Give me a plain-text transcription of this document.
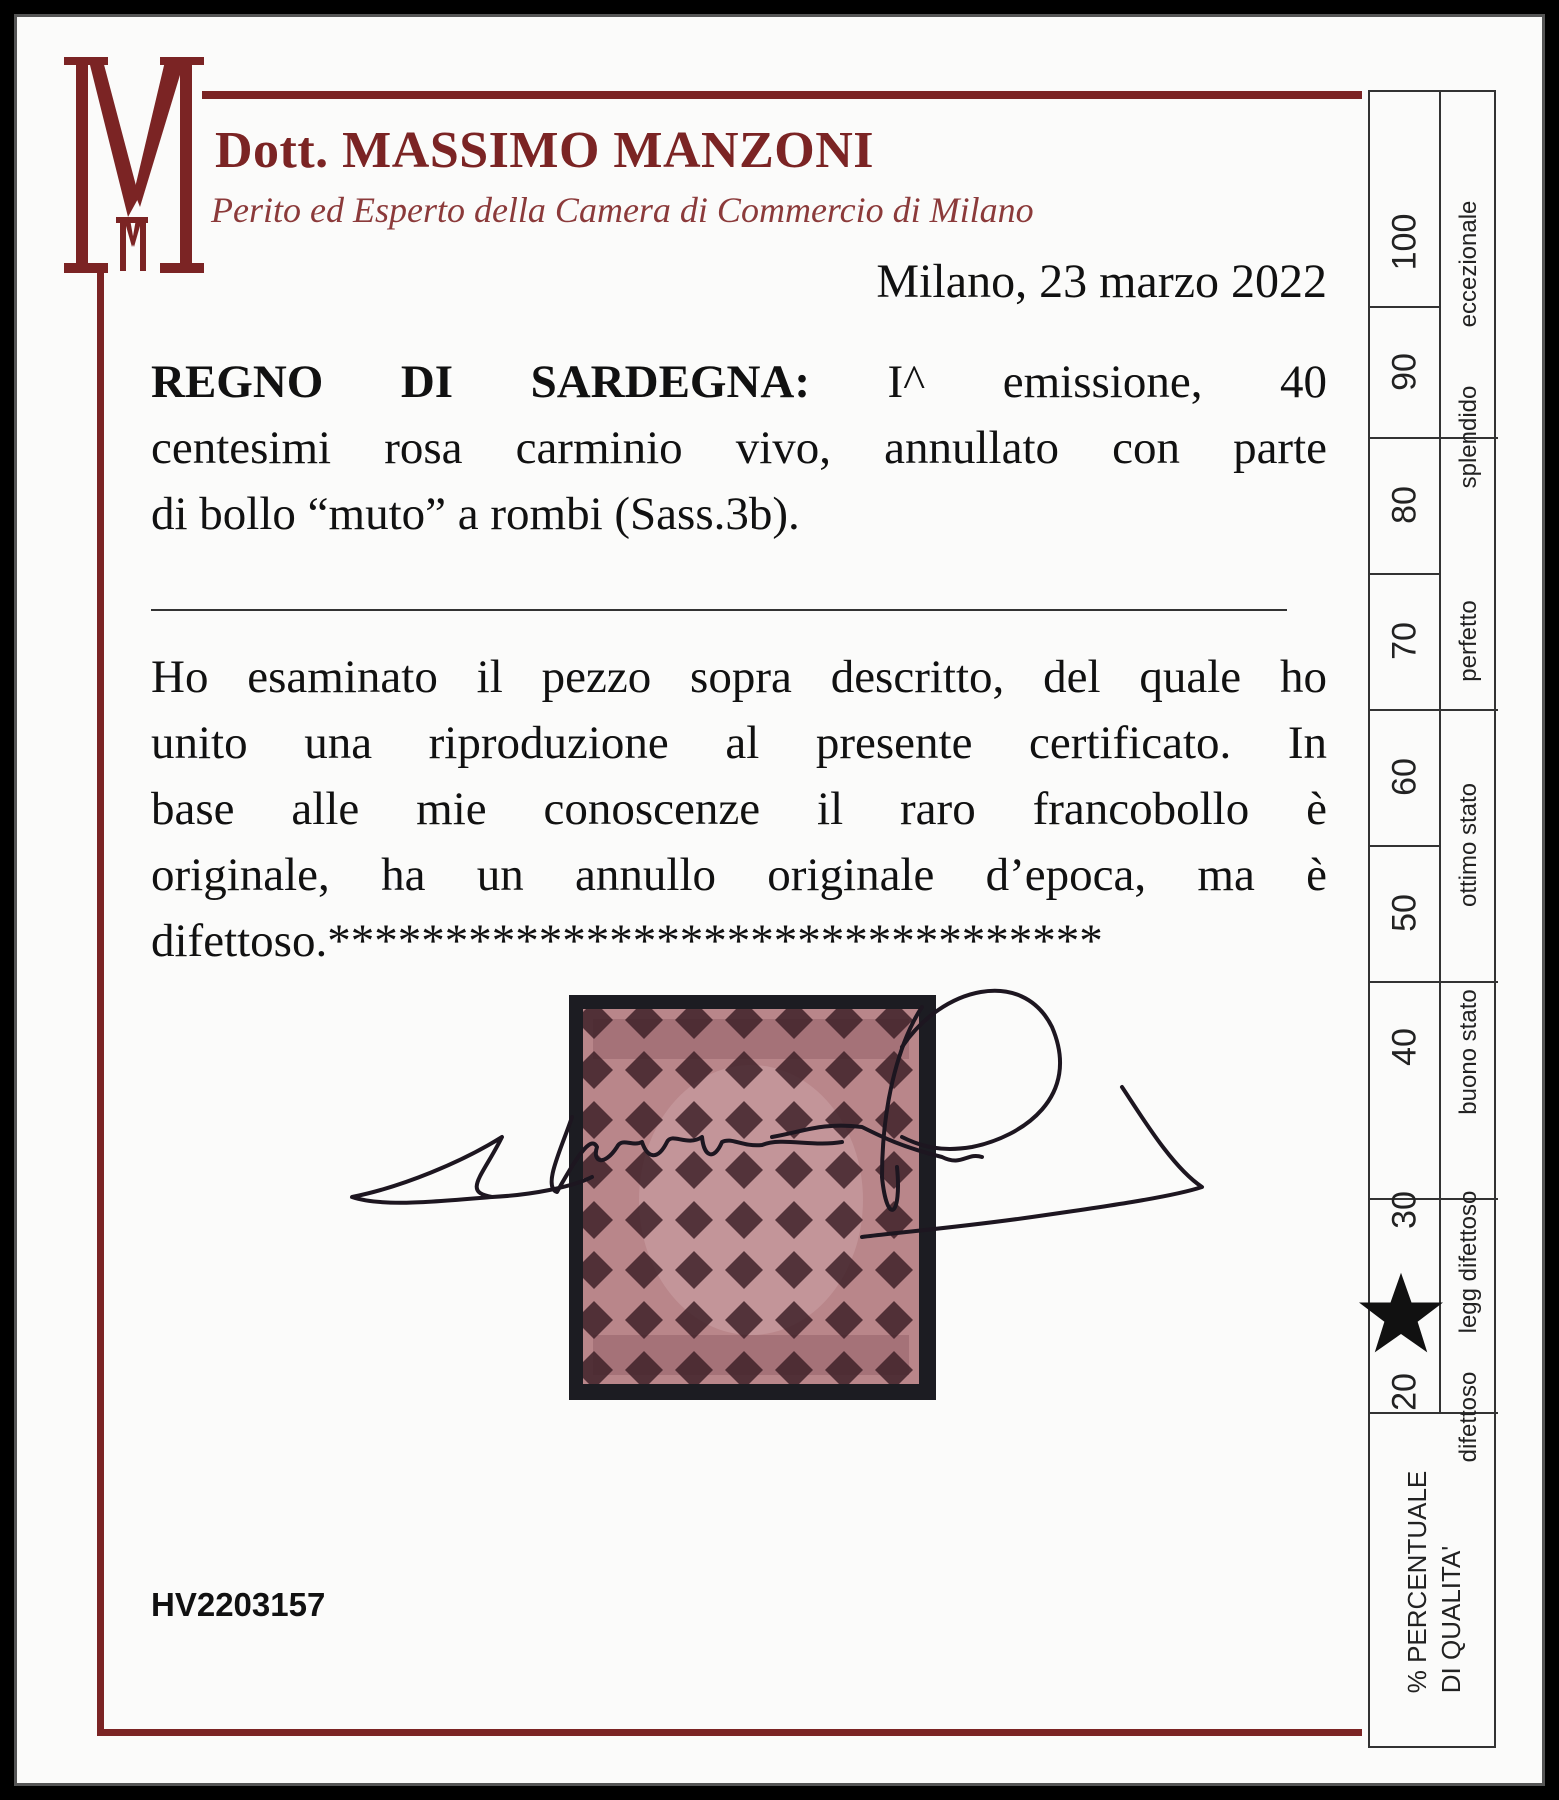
Dott. MASSIMO MANZONI

Perito ed Esperto della Camera di Commercio di Milano

Milano, 23 marzo 2022

REGNO DI SARDEGNA: I^ emissione, 40
centesimi rosa carminio vivo, annullato con parte
di bollo “muto” a rombi (Sass.3b).
Ho esaminato il pezzo sopra descritto, del quale ho
unito una riproduzione al presente certificato. In
base alle mie conoscenze il raro francobollo è
originale, ha un annullo originale d’epoca, ma è
difettoso.*********************************

HV2203157

100
90
80
70
60
50
40
30
20
eccezionale
splendido
perfetto
ottimo stato
buono stato
legg difettoso
difettoso
% PERCENTUALE DI QUALITA'
